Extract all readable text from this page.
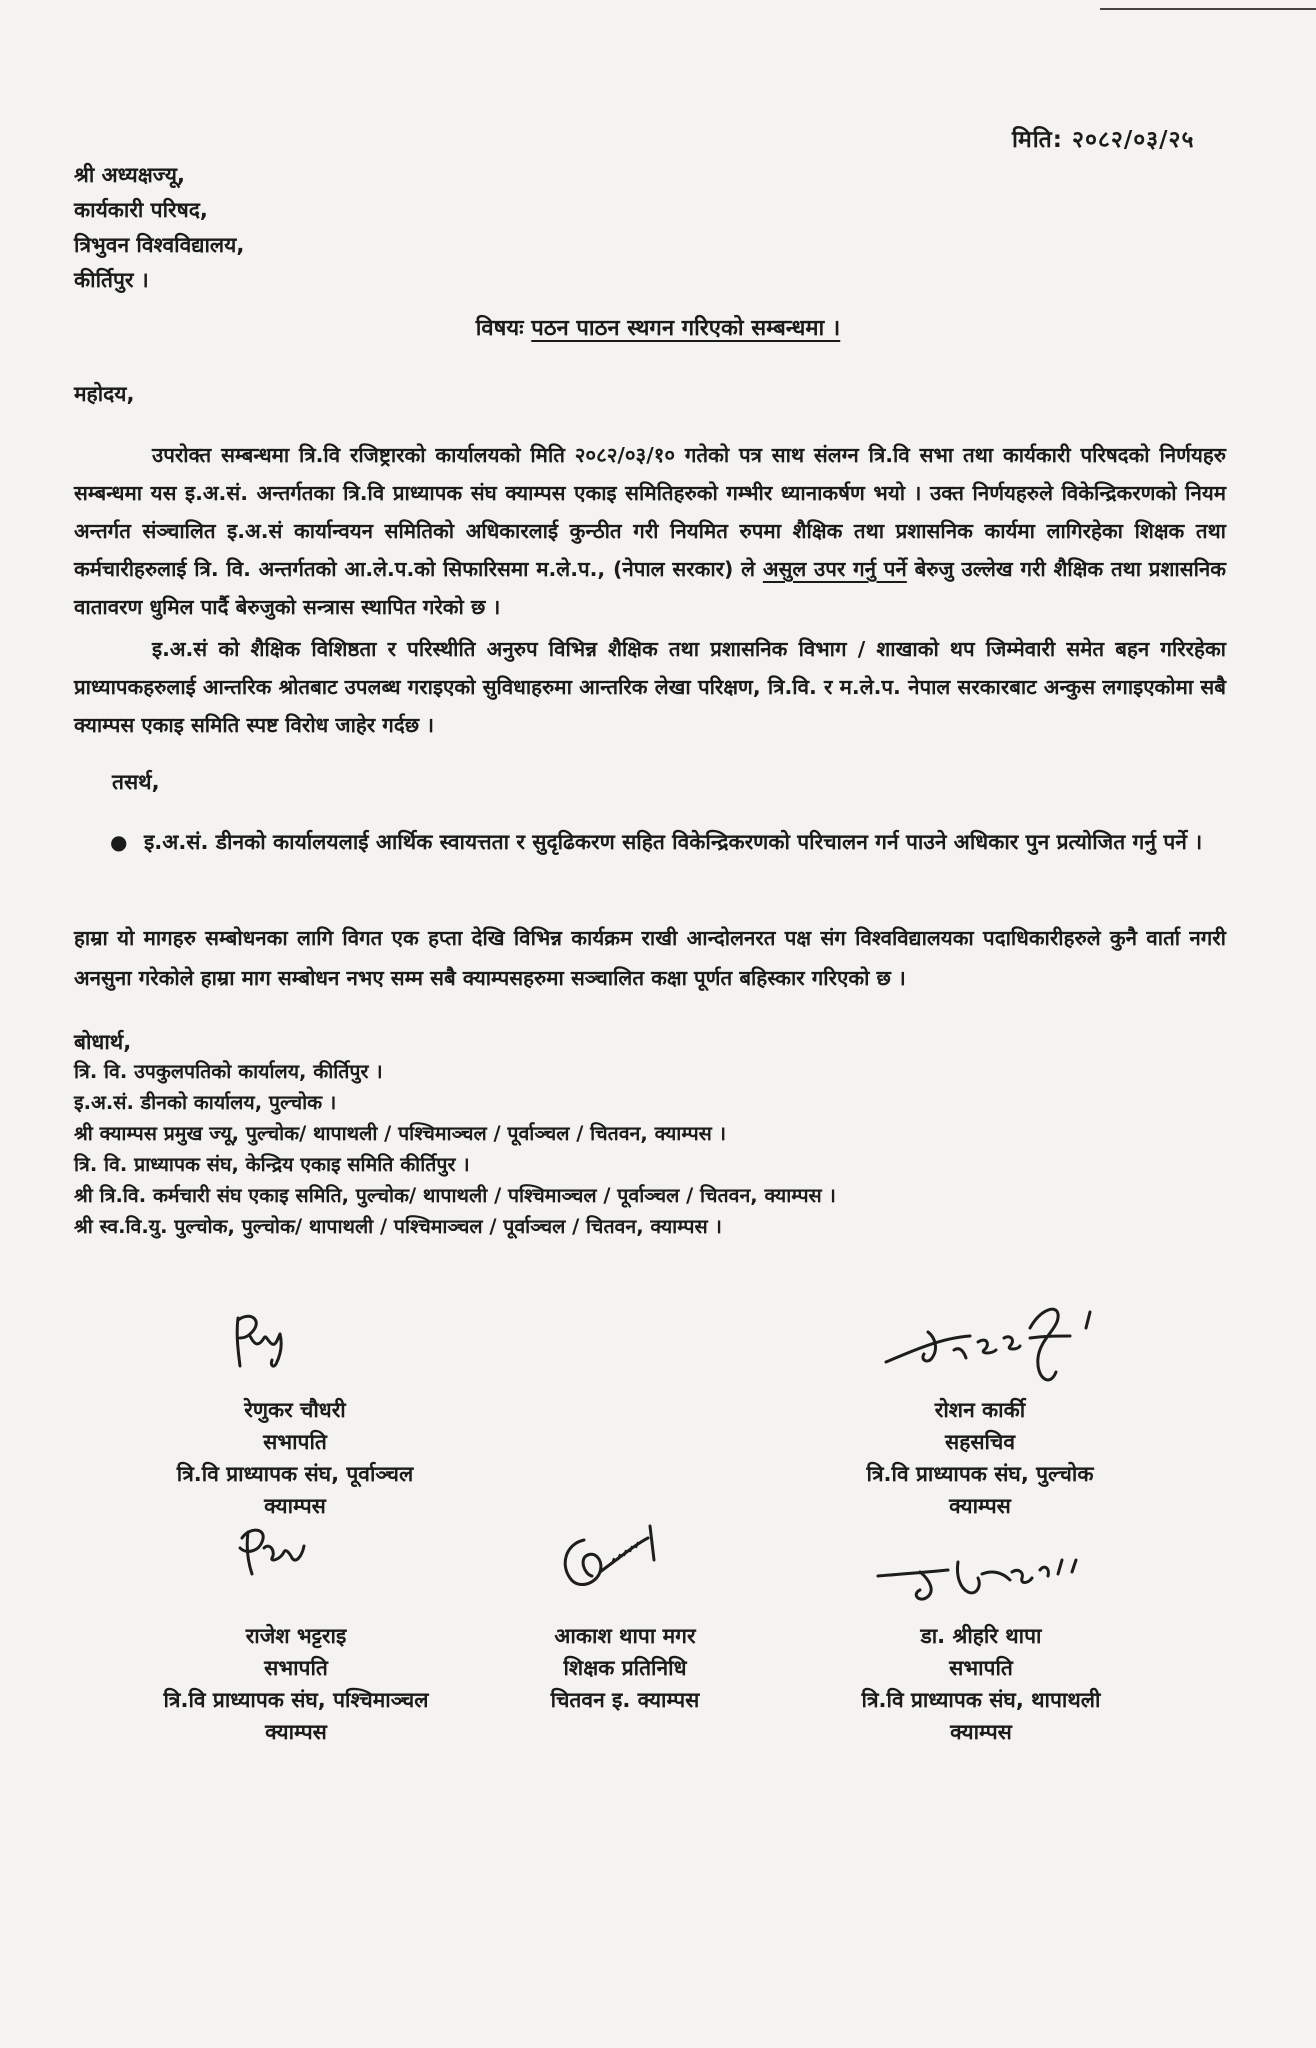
मिति: २०८२/०३/२५
श्री अध्यक्षज्यू,
कार्यकारी परिषद,
त्रिभुवन विश्वविद्यालय,
कीर्तिपुर ।
विषयः पठन पाठन स्थगन गरिएको सम्बन्धमा ।
महोदय,
उपरोक्त सम्बन्धमा त्रि.वि रजिष्ट्रारको कार्यालयको मिति २०८२/०३/१० गतेको पत्र साथ संलग्न त्रि.वि सभा तथा कार्यकारी परिषदको निर्णयहरु सम्बन्धमा यस इ.अ.सं. अन्तर्गतका त्रि.वि प्राध्यापक संघ क्याम्पस एकाइ समितिहरुको गम्भीर ध्यानाकर्षण भयो । उक्त निर्णयहरुले विकेन्द्रिकरणको नियम अन्तर्गत संञ्चालित इ.अ.सं कार्यान्वयन समितिको अधिकारलाई कुन्ठीत गरी नियमित रुपमा शैक्षिक तथा प्रशासनिक कार्यमा लागिरहेका शिक्षक तथा कर्मचारीहरुलाई त्रि. वि. अन्तर्गतको आ.ले.प.को सिफारिसमा म.ले.प., (नेपाल सरकार) ले असुल उपर गर्नु पर्ने बेरुजु उल्लेख गरी शैक्षिक तथा प्रशासनिक वातावरण धुमिल पार्दै बेरुजुको सन्त्रास स्थापित गरेको छ ।
इ.अ.सं को शैक्षिक विशिष्ठता र परिस्थीति अनुरुप विभिन्न शैक्षिक तथा प्रशासनिक विभाग / शाखाको थप जिम्मेवारी समेत बहन गरिरहेका प्राध्यापकहरुलाई आन्तरिक श्रोतबाट उपलब्ध गराइएको सुविधाहरुमा आन्तरिक लेखा परिक्षण, त्रि.वि. र म.ले.प. नेपाल सरकारबाट अन्कुस लगाइएकोमा सबै क्याम्पस एकाइ समिति स्पष्ट विरोध जाहेर गर्दछ ।
तसर्थ,
● इ.अ.सं. डीनको कार्यालयलाई आर्थिक स्वायत्तता र सुदृढिकरण सहित विकेन्द्रिकरणको परिचालन गर्न पाउने अधिकार पुन प्रत्योजित गर्नु पर्ने ।
हाम्रा यो मागहरु सम्बोधनका लागि विगत एक हप्ता देखि विभिन्न कार्यक्रम राखी आन्दोलनरत पक्ष संग विश्वविद्यालयका पदाधिकारीहरुले कुनै वार्ता नगरी अनसुना गरेकोले हाम्रा माग सम्बोधन नभए सम्म सबै क्याम्पसहरुमा सञ्चालित कक्षा पूर्णत बहिस्कार गरिएको छ ।
बोधार्थ,
त्रि. वि. उपकुलपतिको कार्यालय, कीर्तिपुर ।
इ.अ.सं. डीनको कार्यालय, पुल्चोक ।
श्री क्याम्पस प्रमुख ज्यू, पुल्चोक/ थापाथली / पश्चिमाञ्चल / पूर्वाञ्चल / चितवन, क्याम्पस ।
त्रि. वि. प्राध्यापक संघ, केन्द्रिय एकाइ समिति कीर्तिपुर ।
श्री त्रि.वि. कर्मचारी संघ एकाइ समिति, पुल्चोक/ थापाथली / पश्चिमाञ्चल / पूर्वाञ्चल / चितवन, क्याम्पस ।
श्री स्व.वि.यु. पुल्चोक, पुल्चोक/ थापाथली / पश्चिमाञ्चल / पूर्वाञ्चल / चितवन, क्याम्पस ।
रेणुकर चौधरी
सभापति
त्रि.वि प्राध्यापक संघ, पूर्वाञ्चल
क्याम्पस
रोशन कार्की
सहसचिव
त्रि.वि प्राध्यापक संघ, पुल्चोक
क्याम्पस
राजेश भट्टराइ
सभापति
त्रि.वि प्राध्यापक संघ, पश्चिमाञ्चल
क्याम्पस
आकाश थापा मगर
शिक्षक प्रतिनिधि
चितवन इ. क्याम्पस
डा. श्रीहरि थापा
सभापति
त्रि.वि प्राध्यापक संघ, थापाथली
क्याम्पस
